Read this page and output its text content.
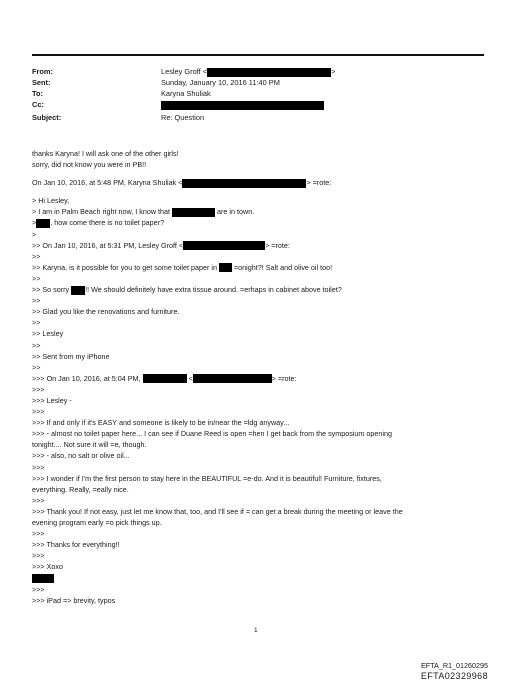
From:	Lesley Groff <	>
Sent:	Sunday, January 10, 2016 11:40 PM
To:	Karyna Shuliak
Cc:
Subject:	Re: Question
thanks Karyna! I will ask one of the other girls!
sorry, did not know you were in PB!!
On Jan 10, 2016, at 5:48 PM, Karyna Shuliak <	> =rote:
> Hi Lesley,
> I am in Palm Beach right now, I know that	are in town.
> , how come there is no toilet paper?
>
>> On Jan 10, 2016, at 5:31 PM, Lesley Groff <	> =rote:
>>
>> Karyna, is it possible for you to get some toilet paper in =onight?! Salt and olive oil too!
>>
>> So sorry !! We should definitely have extra tissue around. =erhaps in cabinet above toilet?
>>
>> Glad you like the renovations and furniture.
>>
>> Lesley
>>
>> Sent from my iPhone
>>
>>> On Jan 10, 2016, at 5:04 PM,	<	> =rote:
>>>
>>> Lesley -
>>>
>>> If and only if it's EASY and someone is likely to be in/near the =ldg anyway...
>>> - almost no toilet paper here... I can see if Duane Reed is open =hen I get back from the symposium opening
tonight.... Not sure it will =e, though.
>>> - also, no salt or olive oil...
>>>
>>> I wonder if I'm the first person to stay here in the BEAUTIFUL =e-do. And it is beautiful! Furniture, fixtures,
everything. Really, =eally nice.
>>>
>>> Thank you! If not easy, just let me know that, too, and I'll see if = can get a break during the meeting or leave the
evening program early =o pick things up.
>>>
>>> Thanks for everything!!
>>>
>>> Xoxo
>>>
>>> iPad => brevity, typos
1
EFTA_R1_01260295
EFTA02329968
